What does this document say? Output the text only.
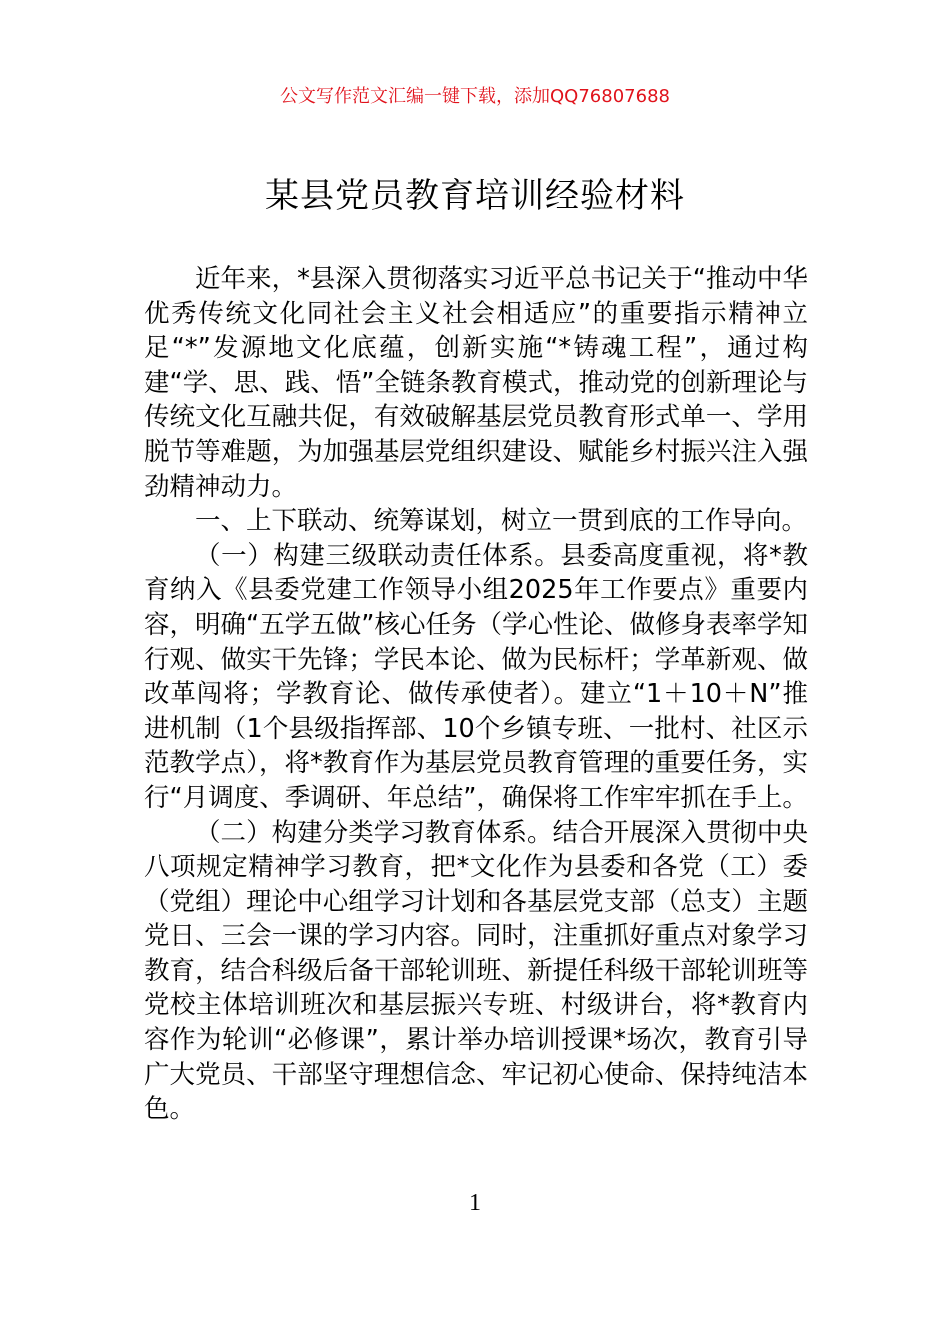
公文写作范文汇编一键下载，添加QQ76807688
某县党员教育培训经验材料

近年来，*县深入贯彻落实习近平总书记关于“推动中华优秀传统文化同社会主义社会相适应”的重要指示精神立足“*”发源地文化底蕴，创新实施“*铸魂工程”，通过构建“学、思、践、悟”全链条教育模式，推动党的创新理论与传统文化互融共促，有效破解基层党员教育形式单一、学用脱节等难题，为加强基层党组织建设、赋能乡村振兴注入强劲精神动力。

一、上下联动、统筹谋划，树立一贯到底的工作导向。

（一）构建三级联动责任体系。县委高度重视，将*教育纳入《县委党建工作领导小组2025年工作要点》重要内容，明确“五学五做”核心任务（学心性论、做修身表率学知行观、做实干先锋；学民本论、做为民标杆；学革新观、做改革闯将；学教育论、做传承使者）。建立“1＋10＋N”推进机制（1个县级指挥部、10个乡镇专班、一批村、社区示范教学点），将*教育作为基层党员教育管理的重要任务，实行“月调度、季调研、年总结”，确保将工作牢牢抓在手上。

（二）构建分类学习教育体系。结合开展深入贯彻中央八项规定精神学习教育，把*文化作为县委和各党（工）委（党组）理论中心组学习计划和各基层党支部（总支）主题党日、三会一课的学习内容。同时，注重抓好重点对象学习教育，结合科级后备干部轮训班、新提任科级干部轮训班等党校主体培训班次和基层振兴专班、村级讲台，将*教育内容作为轮训“必修课”，累计举办培训授课*场次，教育引导广大党员、干部坚守理想信念、牢记初心使命、保持纯洁本色。

1
